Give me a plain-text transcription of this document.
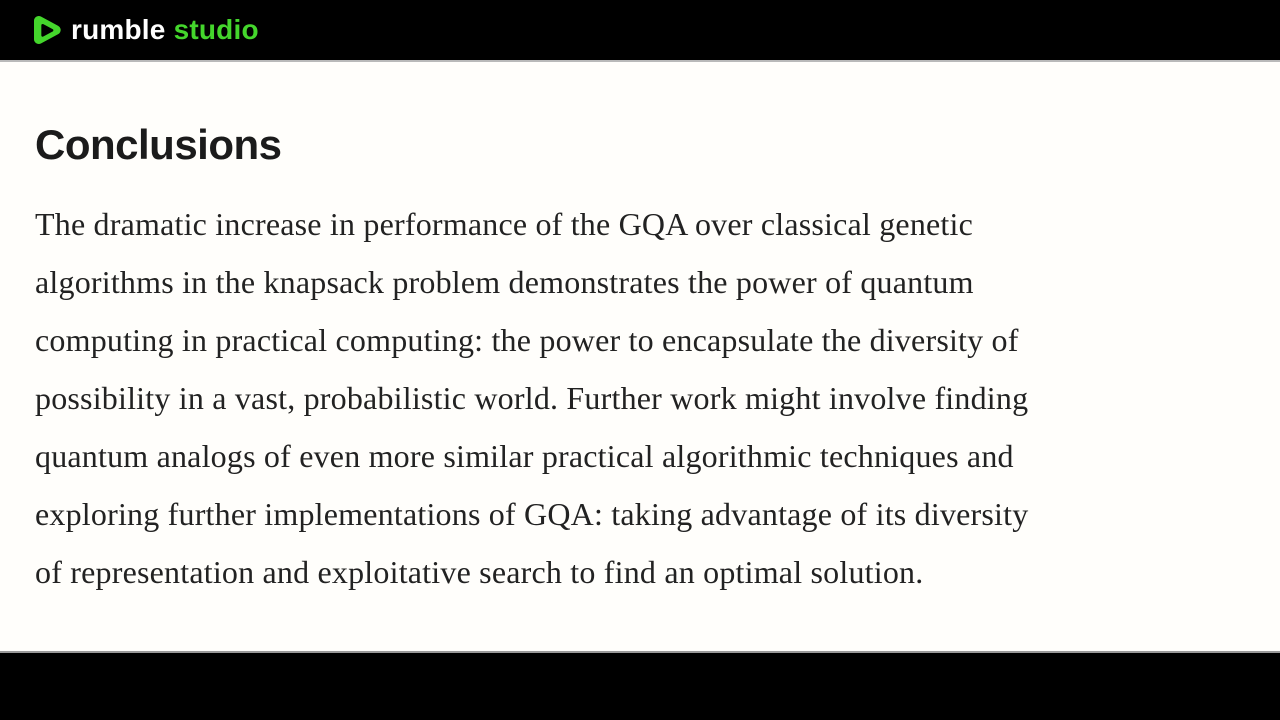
rumble studio
Conclusions
The dramatic increase in performance of the GQA over classical genetic
algorithms in the knapsack problem demonstrates the power of quantum
computing in practical computing: the power to encapsulate the diversity of
possibility in a vast, probabilistic world. Further work might involve finding
quantum analogs of even more similar practical algorithmic techniques and
exploring further implementations of GQA: taking advantage of its diversity
of representation and exploitative search to find an optimal solution.
